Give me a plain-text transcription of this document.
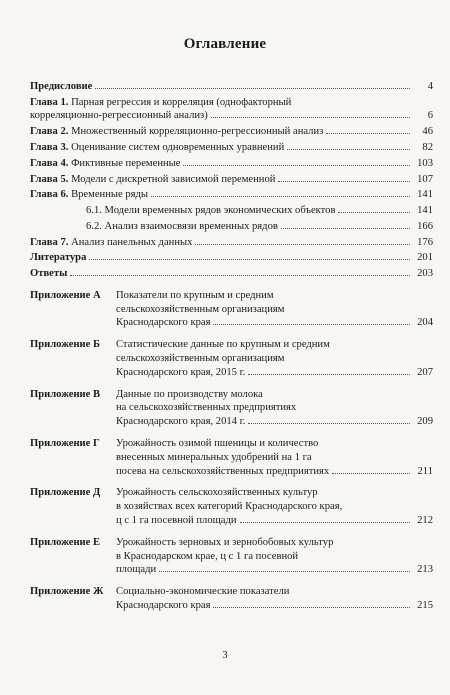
Оглавление
Предисловие	4
Глава 1. Парная регрессия и корреляция (однофакторный
корреляционно-регрессионный анализ)	6
Глава 2. Множественный корреляционно-регрессионный анализ	46
Глава 3. Оценивание систем одновременных уравнений	82
Глава 4. Фиктивные переменные	103
Глава 5. Модели с дискретной зависимой переменной	107
Глава 6. Временные ряды	141
6.1. Модели временных рядов экономических объектов	141
6.2. Анализ взаимосвязи временных рядов	166
Глава 7. Анализ панельных данных	176
Литература	201
Ответы	203
Приложение А	Показатели по крупным и средним
сельскохозяйственным организациям
Краснодарского края	204
Приложение Б	Статистические данные по крупным и средним
сельскохозяйственным организациям
Краснодарского края, 2015 г.	207
Приложение В	Данные по производству молока
на сельскохозяйственных предприятиях
Краснодарского края, 2014 г.	209
Приложение Г	Урожайность озимой пшеницы и количество
внесенных минеральных удобрений на 1 га
посева на сельскохозяйственных предприятиях	211
Приложение Д	Урожайность сельскохозяйственных культур
в хозяйствах всех категорий Краснодарского края,
ц с 1 га посевной площади	212
Приложение Е	Урожайность зерновых и зернобобовых культур
в Краснодарском крае, ц с 1 га посевной
площади	213
Приложение Ж	Социально-экономические показатели
Краснодарского края	215
3
